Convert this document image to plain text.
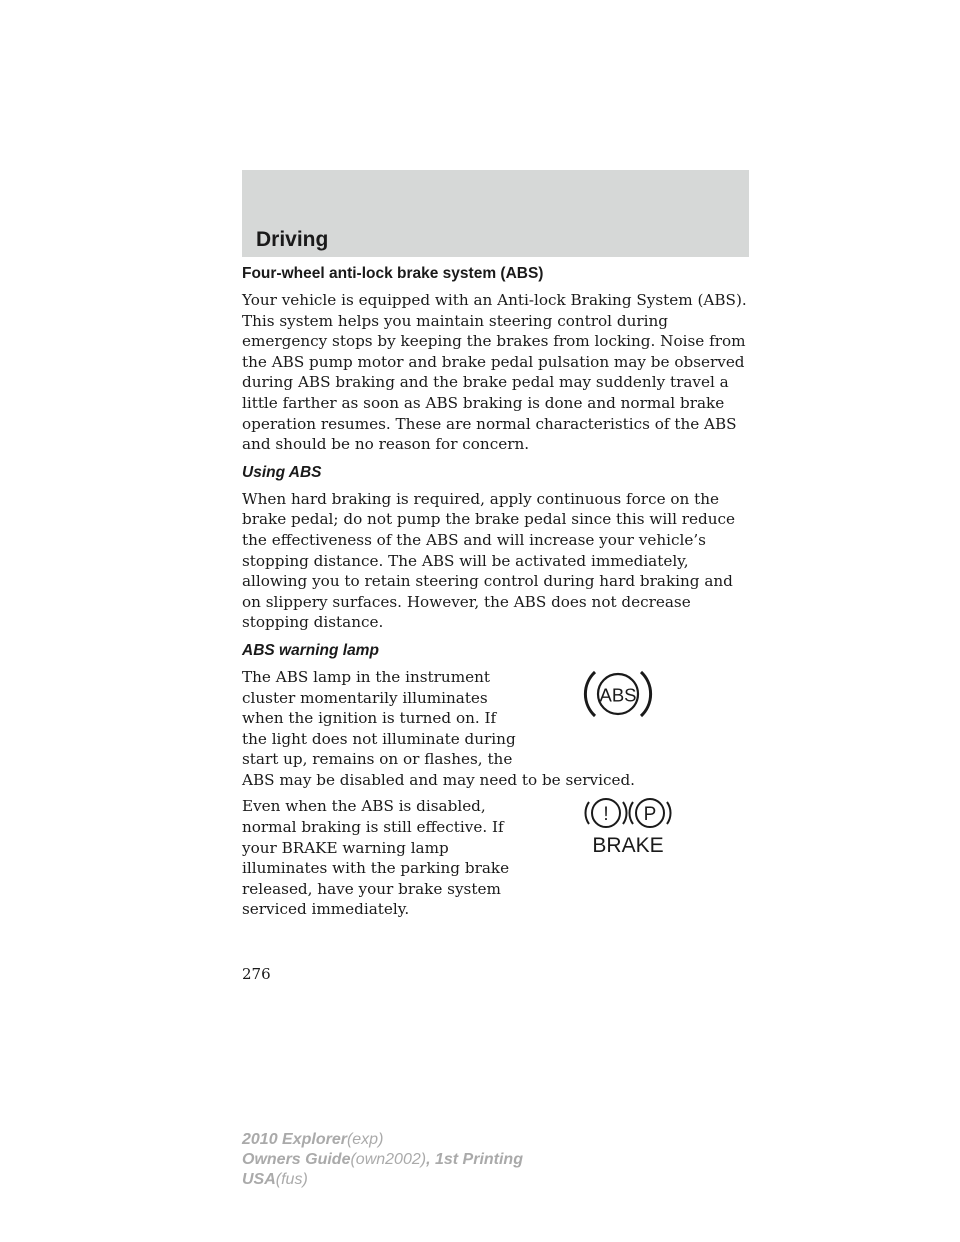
Driving
Four-wheel anti-lock brake system (ABS)

Your vehicle is equipped with an Anti-lock Braking System (ABS). This system helps you maintain steering control during emergency stops by keeping the brakes from locking. Noise from the ABS pump motor and brake pedal pulsation may be observed during ABS braking and the brake pedal may suddenly travel a little farther as soon as ABS braking is done and normal brake operation resumes. These are normal characteristics of the ABS and should be no reason for concern.

Using ABS

When hard braking is required, apply continuous force on the brake pedal; do not pump the brake pedal since this will reduce the effectiveness of the ABS and will increase your vehicle’s stopping distance. The ABS will be activated immediately, allowing you to retain steering control during hard braking and on slippery surfaces. However, the ABS does not decrease stopping distance.

ABS warning lamp

The ABS lamp in the instrument
cluster momentarily illuminates
when the ignition is turned on. If
the light does not illuminate during
start up, remains on or flashes, the
ABS may be disabled and may need to be serviced.

ABS

Even when the ABS is disabled,
normal braking is still effective. If
your BRAKE warning lamp
illuminates with the parking brake
released, have your brake system
serviced immediately.

! P
BRAKE
276
2010 Explorer(exp)
Owners Guide(own2002), 1st Printing
USA(fus)
